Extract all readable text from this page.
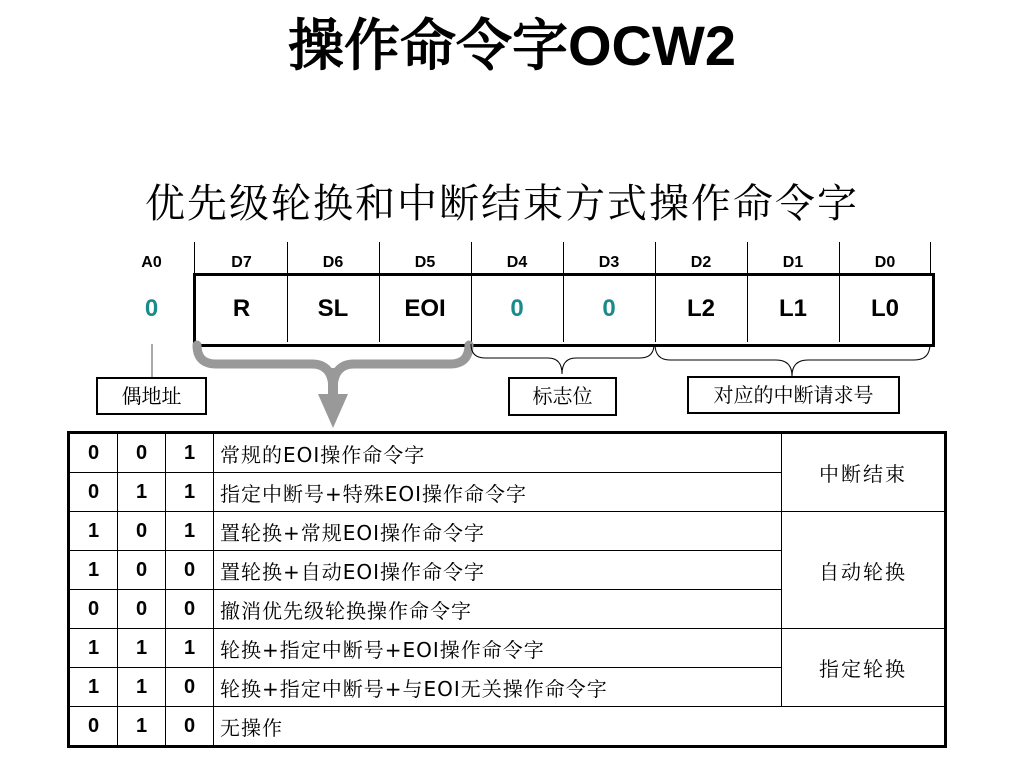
操作命令字OCW2
优先级轮换和中断结束方式操作命令字
A0	D7	D6	D5	D4	D3	D2	D1	D0
0	R	SL	EOI	0	0	L2	L1	L0
偶地址	标志位	对应的中断请求号
0	0	1	常规的EOI操作命令字	中断结束
0	1	1	指定中断号+特殊EOI操作命令字	
1	0	1	置轮换+常规EOI操作命令字	自动轮换
1	0	0	置轮换+自动EOI操作命令字	
0	0	0	撤消优先级轮换操作命令字	
1	1	1	轮换+指定中断号+EOI操作命令字	指定轮换
1	1	0	轮换+指定中断号+与EOI无关操作命令字	
0	1	0	无操作	
